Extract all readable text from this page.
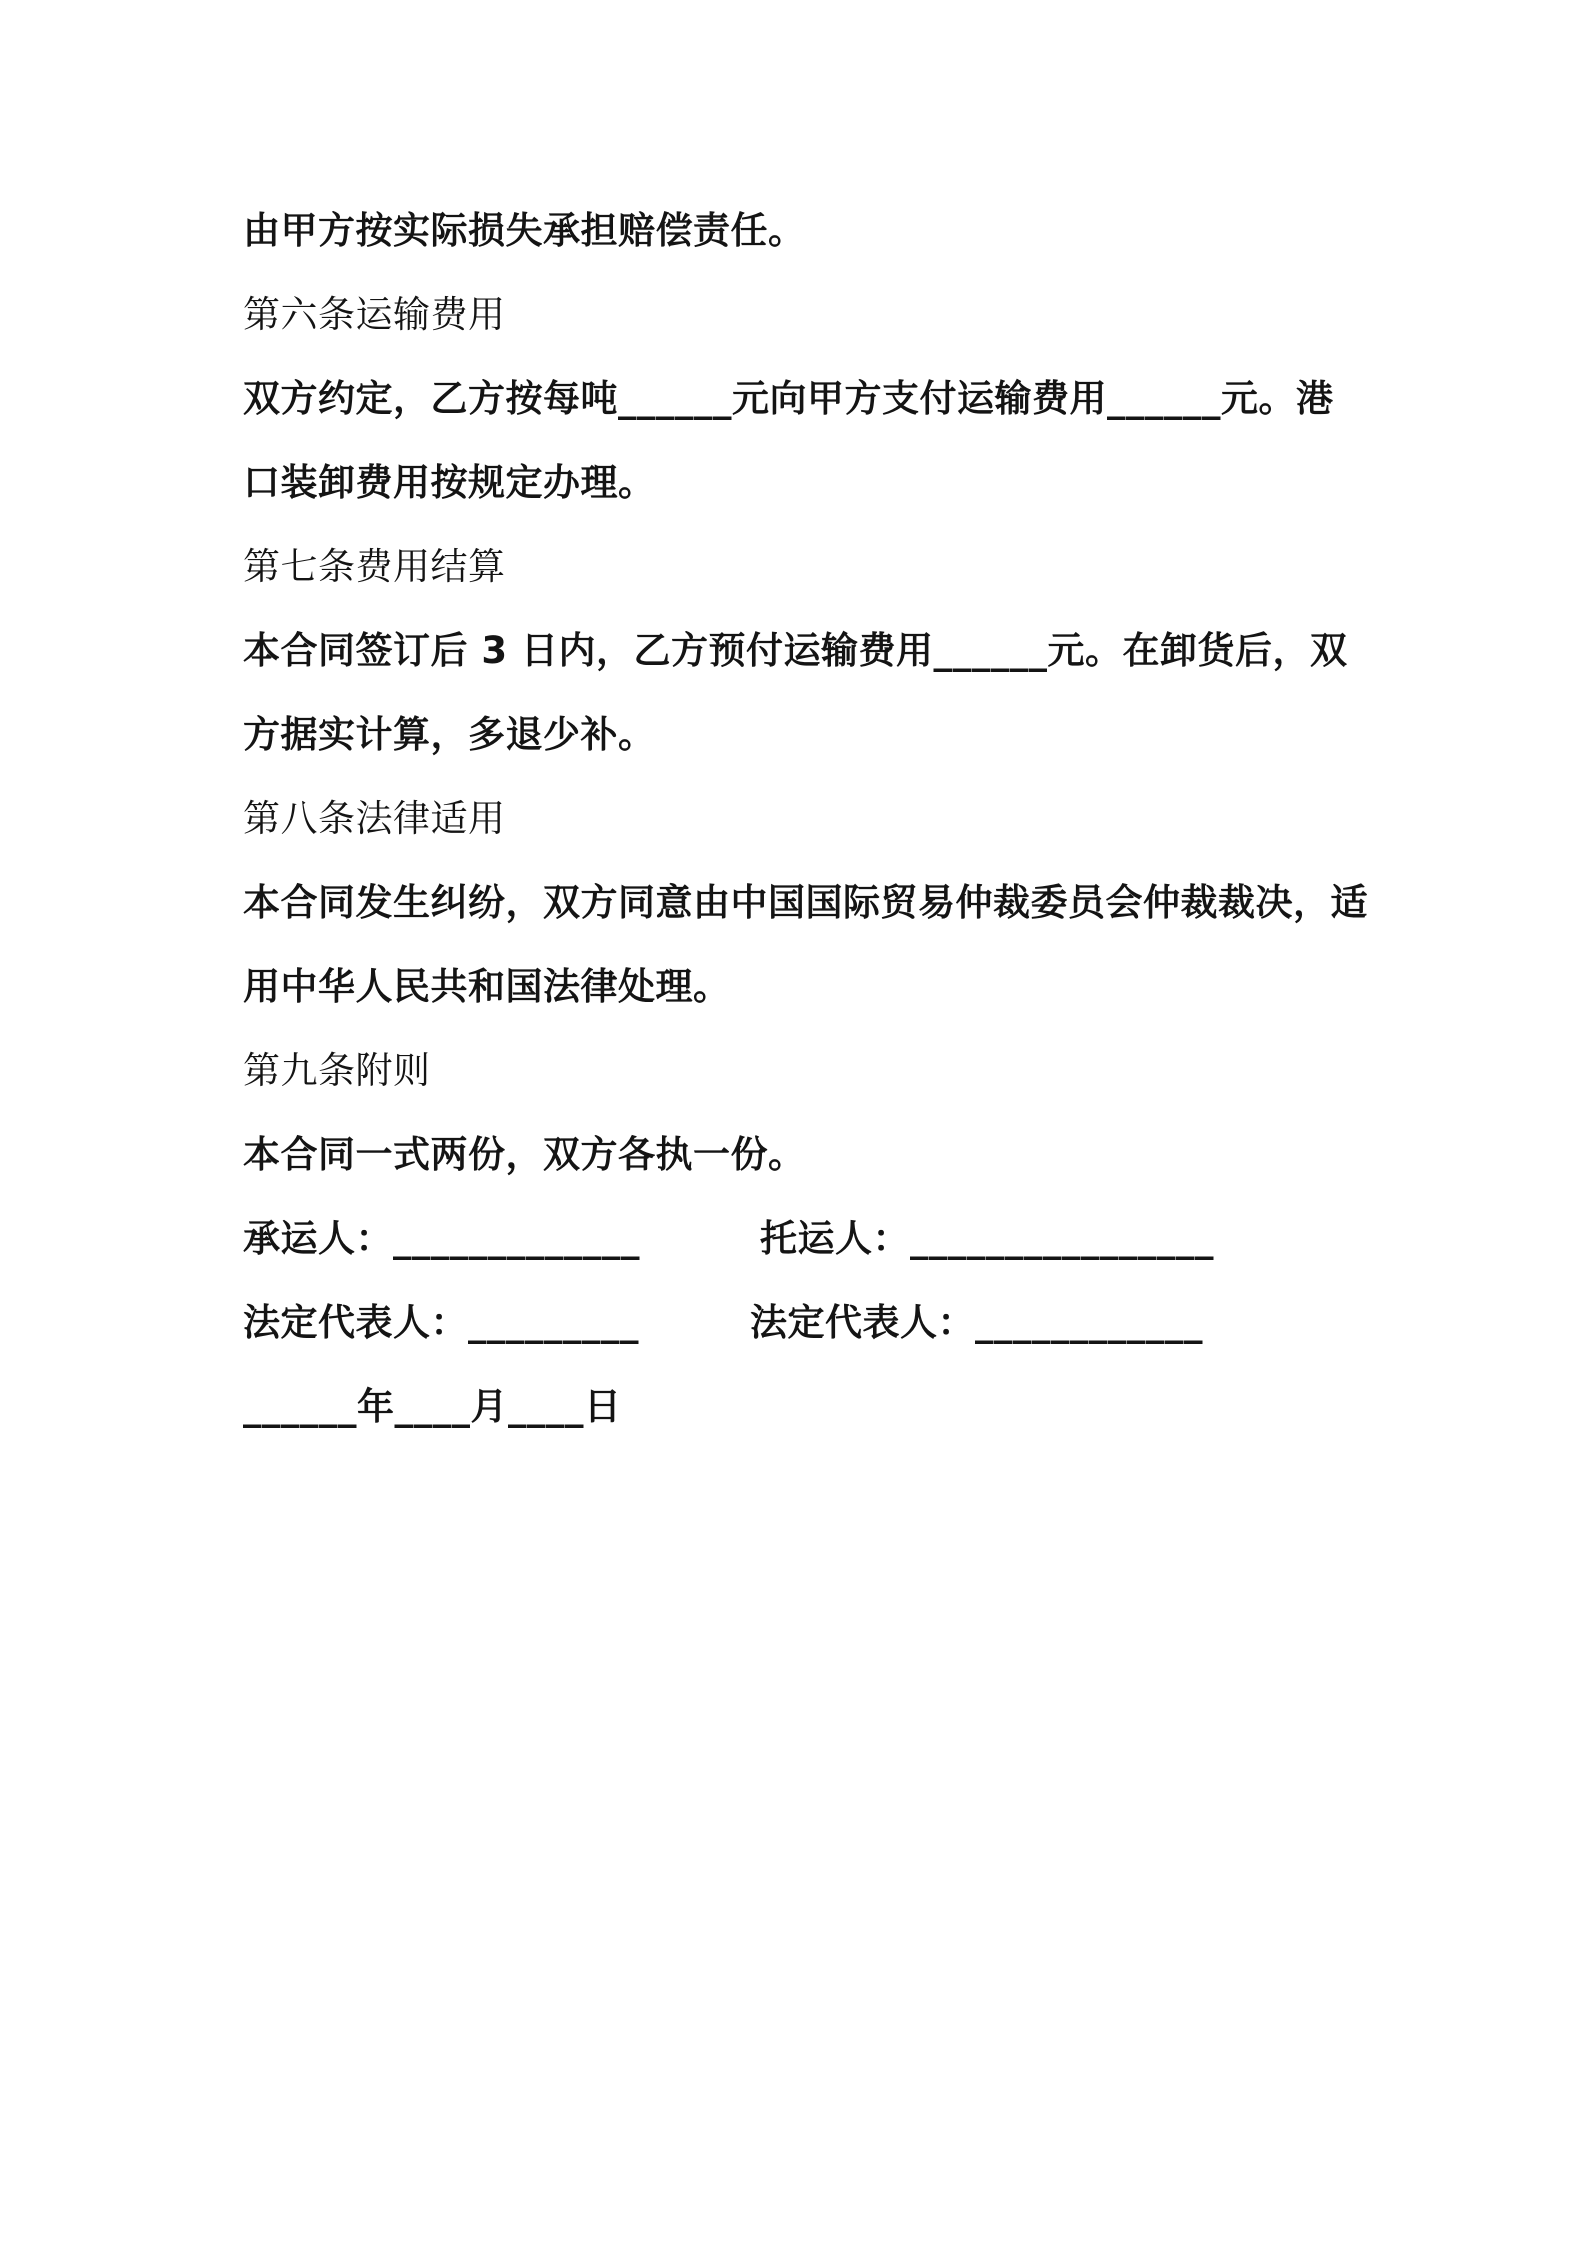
由甲方按实际损失承担赔偿责任。
第六条运输费用
双方约定，乙方按每吨______元向甲方支付运输费用______元。港
口装卸费用按规定办理。
第七条费用结算
本合同签订后 3 日内，乙方预付运输费用______元。在卸货后，双
方据实计算，多退少补。
第八条法律适用
本合同发生纠纷，双方同意由中国国际贸易仲裁委员会仲裁裁决，适
用中华人民共和国法律处理。
第九条附则
本合同一式两份，双方各执一份。
承运人：_____________	托运人：________________
法定代表人：_________	法定代表人：____________
______年____月____日
